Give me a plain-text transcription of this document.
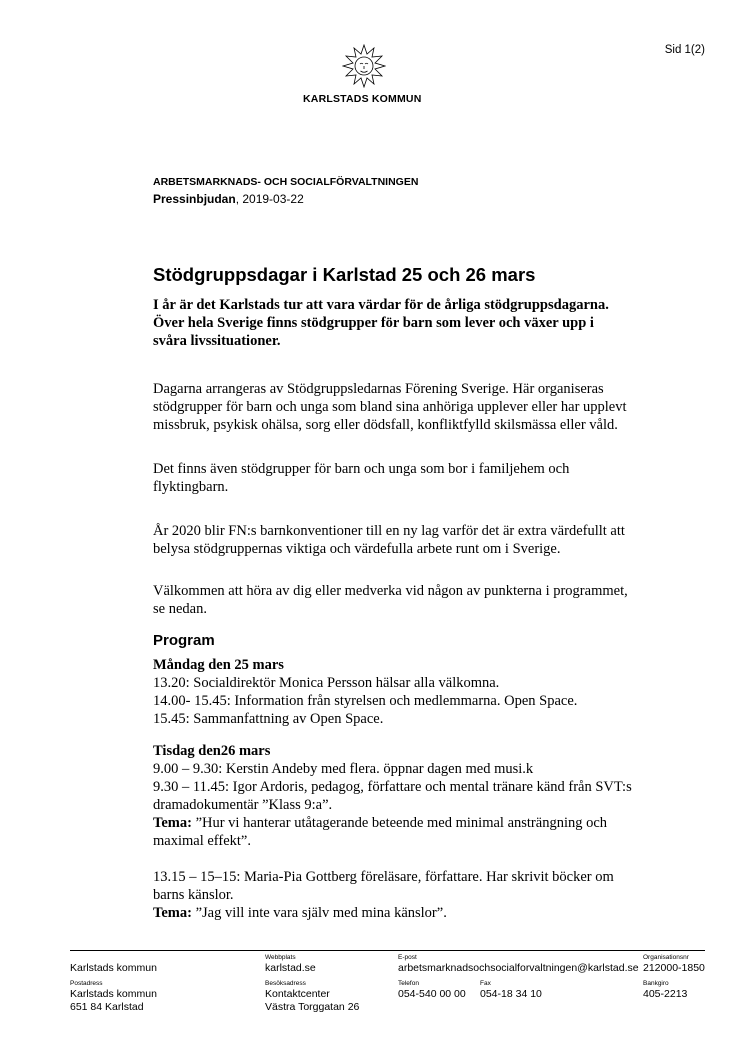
Sid 1(2)
KARLSTADS KOMMUN
ARBETSMARKNADS- OCH SOCIALFÖRVALTNINGEN
Pressinbjudan, 2019-03-22
Stödgruppsdagar i Karlstad 25 och 26 mars
I år är det Karlstads tur att vara värdar för de årliga stödgruppsdagarna. Över hela Sverige finns stödgrupper för barn som lever och växer upp i svåra livssituationer.
Dagarna arrangeras av Stödgruppsledarnas Förening Sverige. Här organiseras stödgrupper för barn och unga som bland sina anhöriga upplever eller har upplevt missbruk, psykisk ohälsa, sorg eller dödsfall, konfliktfylld skilsmässa eller våld.
Det finns även stödgrupper för barn och unga som bor i familjehem och flyktingbarn.
År 2020 blir FN:s barnkonventioner till en ny lag varför det är extra värdefullt att belysa stödgruppernas viktiga och värdefulla arbete runt om i Sverige.
Välkommen att höra av dig eller medverka vid någon av punkterna i programmet, se nedan.
Program
Måndag den 25 mars
13.20: Socialdirektör Monica Persson hälsar alla välkomna.
14.00- 15.45: Information från styrelsen och medlemmarna. Open Space.
15.45: Sammanfattning av Open Space.
Tisdag den26 mars
9.00 – 9.30: Kerstin Andeby med flera. öppnar dagen med musi.k
9.30 – 11.45: Igor Ardoris, pedagog, författare och mental tränare känd från SVT:s dramadokumentär ”Klass 9:a”.
Tema: ”Hur vi hanterar utåtagerande beteende med minimal ansträngning och maximal effekt”.
13.15 – 15–15: Maria-Pia Gottberg föreläsare, författare. Har skrivit böcker om barns känslor.
Tema: ”Jag vill inte vara själv med mina känslor”.
Karlstads kommun
Webbplats
karlstad.se
E-post
arbetsmarknadsochsocialforvaltningen@karlstad.se
Organisationsnr
212000-1850
Postadress
Karlstads kommun
651 84 Karlstad
Besöksadress
Kontaktcenter
Västra Torggatan 26
Telefon
054-540 00 00
Fax
054-18 34 10
Bankgiro
405-2213
